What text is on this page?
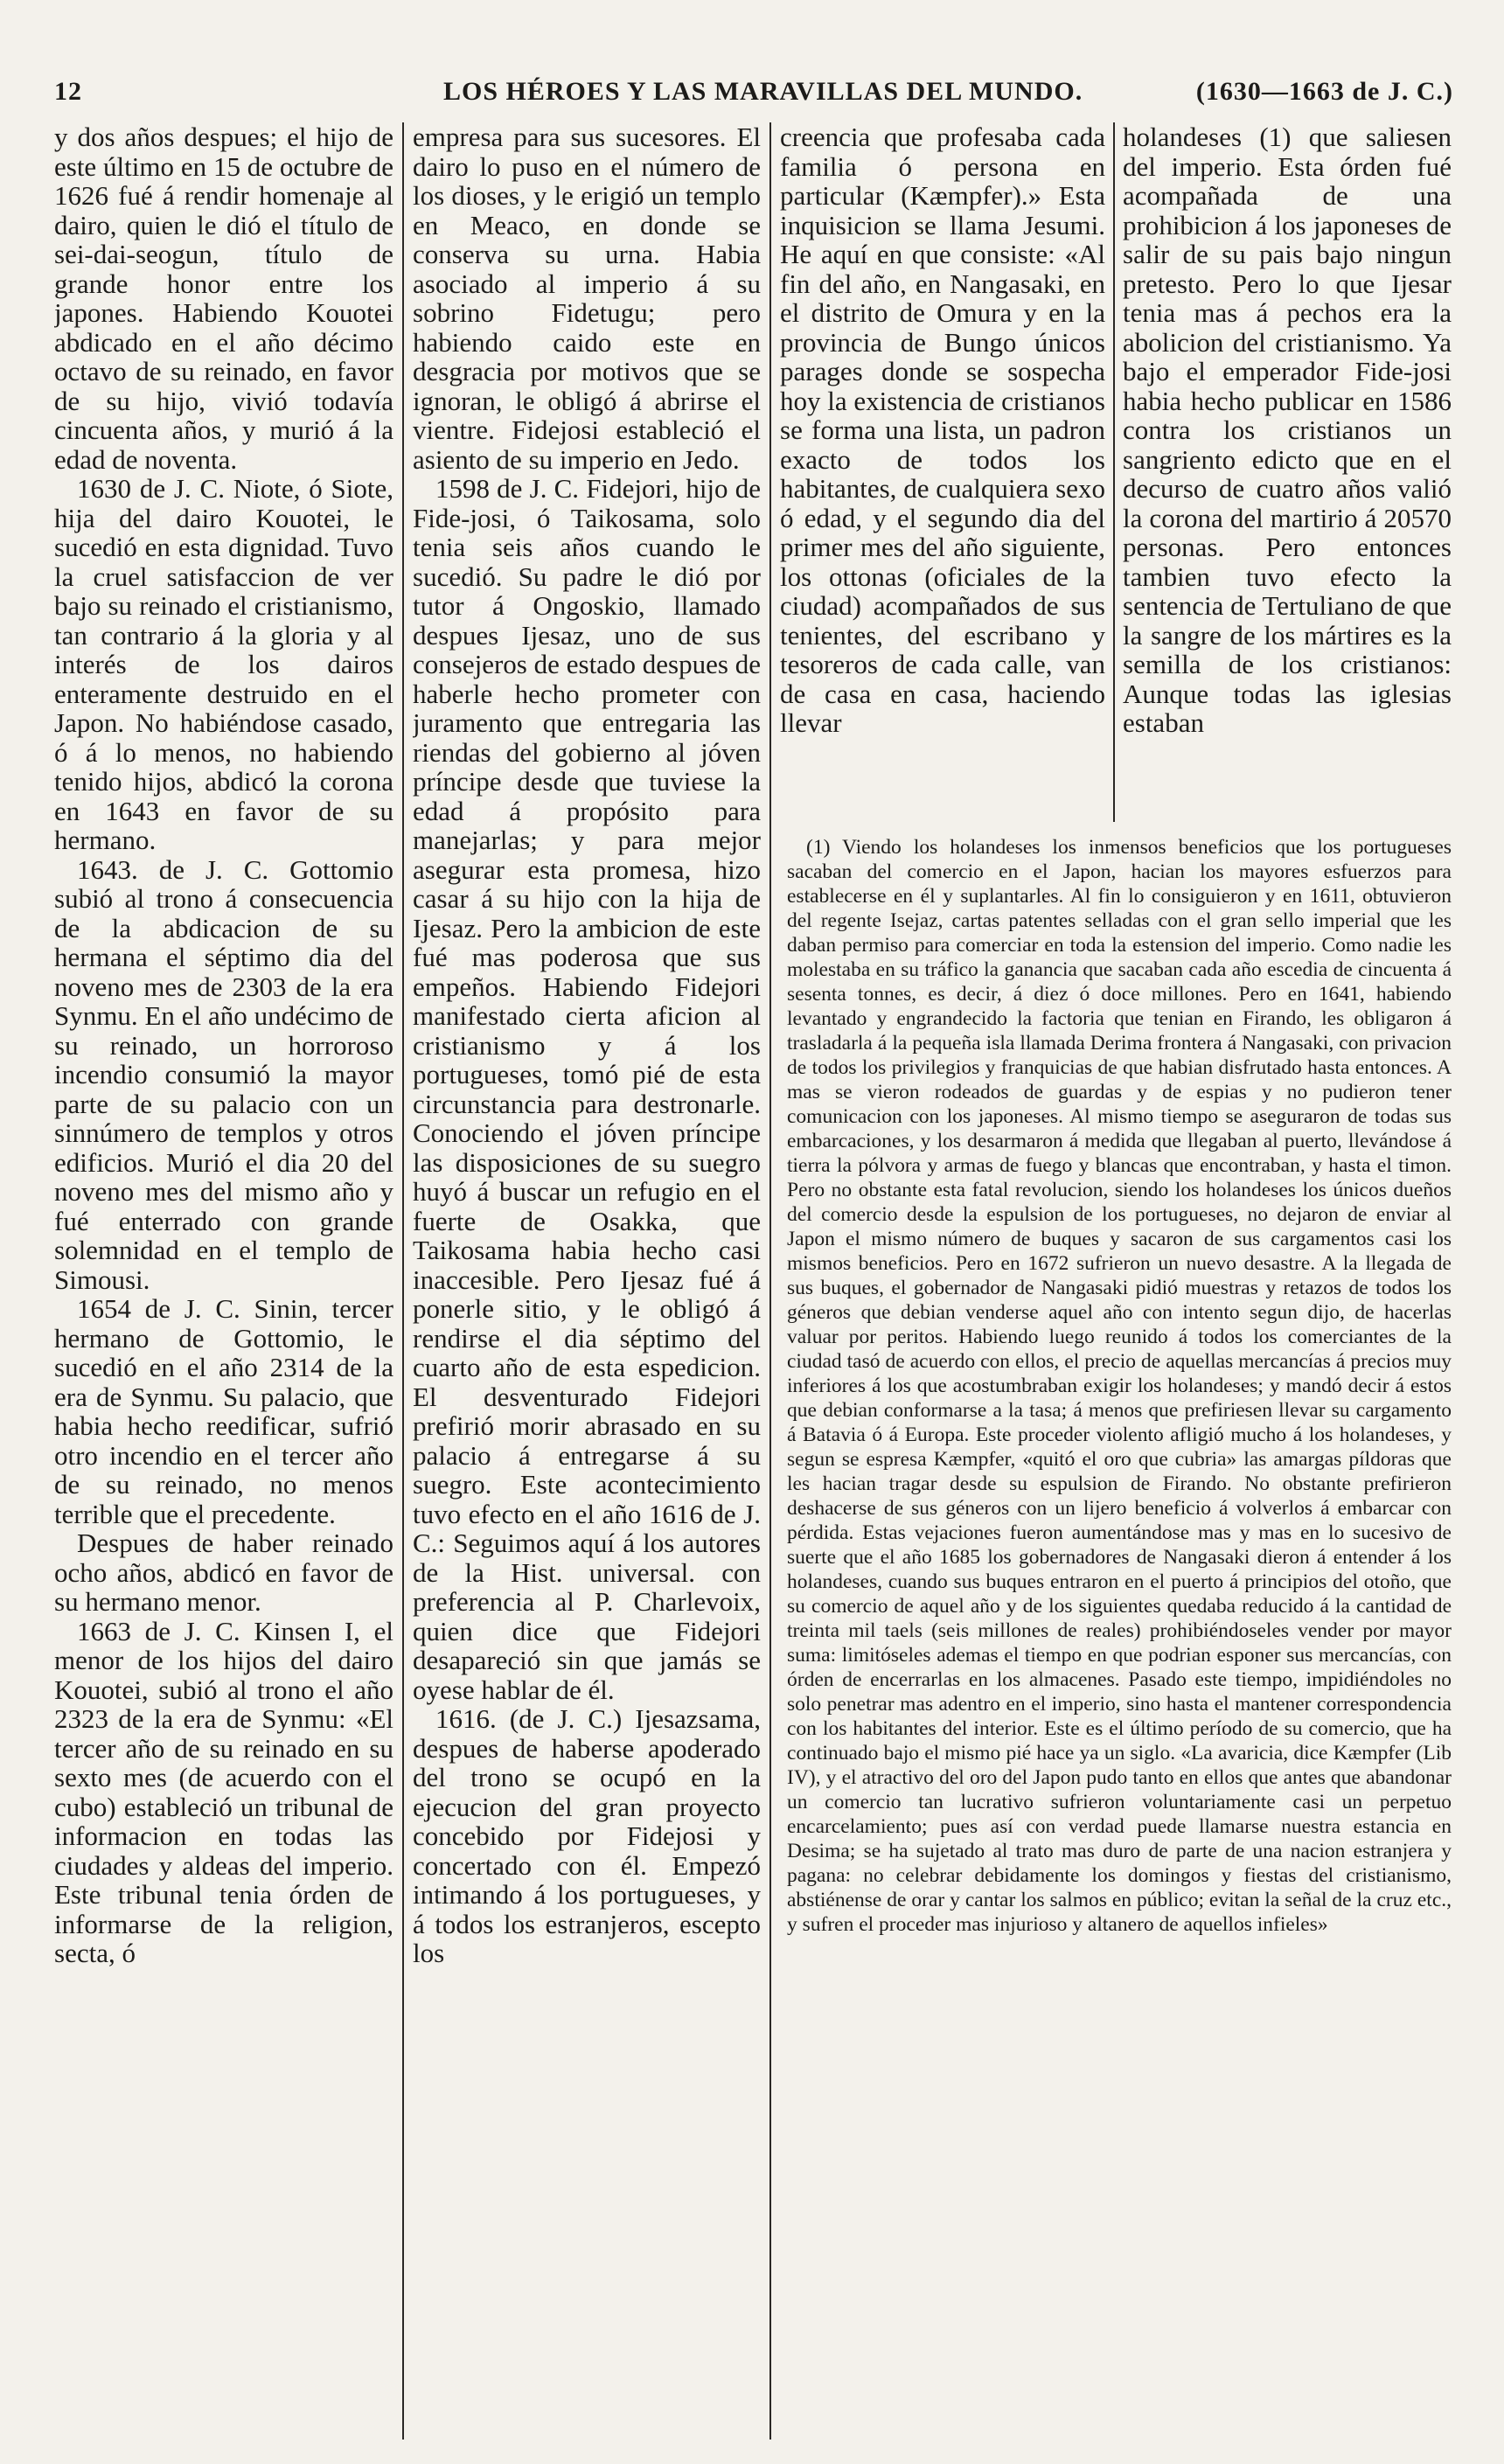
12	LOS HÉROES Y LAS MARAVILLAS DEL MUNDO.	(1630—1663 de J. C.)

y dos años despues; el hijo de este último en 15 de octubre de 1626 fué á rendir homenaje al dairo, quien le dió el título de sei-dai-seogun, título de grande honor entre los japones. Habiendo Kouotei abdicado en el año décimo octavo de su reinado, en favor de su hijo, vivió todavía cincuenta años, y murió á la edad de noventa.

1630 de J. C. Niote, ó Siote, hija del dairo Kouotei, le sucedió en esta dignidad. Tuvo la cruel satisfaccion de ver bajo su reinado el cristianismo, tan contrario á la gloria y al interés de los dairos enteramente destruido en el Japon. No habiéndose casado, ó á lo menos, no habiendo tenido hijos, abdicó la corona en 1643 en favor de su hermano.

1643. de J. C. Gottomio subió al trono á consecuencia de la abdicacion de su hermana el séptimo dia del noveno mes de 2303 de la era Synmu. En el año undécimo de su reinado, un horroroso incendio consumió la mayor parte de su palacio con un sinnúmero de templos y otros edificios. Murió el dia 20 del noveno mes del mismo año y fué enterrado con grande solemnidad en el templo de Simousi.

1654 de J. C. Sinin, tercer hermano de Gottomio, le sucedió en el año 2314 de la era de Synmu. Su palacio, que habia hecho reedificar, sufrió otro incendio en el tercer año de su reinado, no menos terrible que el precedente.

Despues de haber reinado ocho años, abdicó en favor de su hermano menor.

1663 de J. C. Kinsen I, el menor de los hijos del dairo Kouotei, subió al trono el año 2323 de la era de Synmu: «El tercer año de su reinado en su sexto mes (de acuerdo con el cubo) estableció un tribunal de informacion en todas las ciudades y aldeas del imperio. Este tribunal tenia órden de informarse de la religion, secta, ó

empresa para sus sucesores. El dairo lo puso en el número de los dioses, y le erigió un templo en Meaco, en donde se conserva su urna. Habia asociado al imperio á su sobrino Fidetugu; pero habiendo caido este en desgracia por motivos que se ignoran, le obligó á abrirse el vientre. Fidejosi estableció el asiento de su imperio en Jedo.

1598 de J. C. Fidejori, hijo de Fide-josi, ó Taikosama, solo tenia seis años cuando le sucedió. Su padre le dió por tutor á Ongoskio, llamado despues Ijesaz, uno de sus consejeros de estado despues de haberle hecho prometer con juramento que entregaria las riendas del gobierno al jóven príncipe desde que tuviese la edad á propósito para manejarlas; y para mejor asegurar esta promesa, hizo casar á su hijo con la hija de Ijesaz. Pero la ambicion de este fué mas poderosa que sus empeños. Habiendo Fidejori manifestado cierta aficion al cristianismo y á los portugueses, tomó pié de esta circunstancia para destronarle. Conociendo el jóven príncipe las disposiciones de su suegro huyó á buscar un refugio en el fuerte de Osakka, que Taikosama habia hecho casi inaccesible. Pero Ijesaz fué á ponerle sitio, y le obligó á rendirse el dia séptimo del cuarto año de esta espedicion. El desventurado Fidejori prefirió morir abrasado en su palacio á entregarse á su suegro. Este acontecimiento tuvo efecto en el año 1616 de J. C.: Seguimos aquí á los autores de la Hist. universal. con preferencia al P. Charlevoix, quien dice que Fidejori desapareció sin que jamás se oyese hablar de él.

1616. (de J. C.) Ijesazsama, despues de haberse apoderado del trono se ocupó en la ejecucion del gran proyecto concebido por Fidejosi y concertado con él. Empezó intimando á los portugueses, y á todos los estranjeros, escepto los

creencia que profesaba cada familia ó persona en particular (Kæmpfer).» Esta inquisicion se llama Jesumi. He aquí en que consiste: «Al fin del año, en Nangasaki, en el distrito de Omura y en la provincia de Bungo únicos parages donde se sospecha hoy la existencia de cristianos se forma una lista, un padron exacto de todos los habitantes, de cualquiera sexo ó edad, y el segundo dia del primer mes del año siguiente, los ottonas (oficiales de la ciudad) acompañados de sus tenientes, del escribano y tesoreros de cada calle, van de casa en casa, haciendo llevar

holandeses (1) que saliesen del imperio. Esta órden fué acompañada de una prohibicion á los japoneses de salir de su pais bajo ningun pretesto. Pero lo que Ijesar tenia mas á pechos era la abolicion del cristianismo. Ya bajo el emperador Fide-josi habia hecho publicar en 1586 contra los cristianos un sangriento edicto que en el decurso de cuatro años valió la corona del martirio á 20570 personas. Pero entonces tambien tuvo efecto la sentencia de Tertuliano de que la sangre de los mártires es la semilla de los cristianos: Aunque todas las iglesias estaban

(1) Viendo los holandeses los inmensos beneficios que los portugueses sacaban del comercio en el Japon, hacian los mayores esfuerzos para establecerse en él y suplantarles. Al fin lo consiguieron y en 1611, obtuvieron del regente Isejaz, cartas patentes selladas con el gran sello imperial que les daban permiso para comerciar en toda la estension del imperio. Como nadie les molestaba en su tráfico la ganancia que sacaban cada año escedia de cincuenta á sesenta tonnes, es decir, á diez ó doce millones. Pero en 1641, habiendo levantado y engrandecido la factoria que tenian en Firando, les obligaron á trasladarla á la pequeña isla llamada Derima frontera á Nangasaki, con privacion de todos los privilegios y franquicias de que habian disfrutado hasta entonces. A mas se vieron rodeados de guardas y de espias y no pudieron tener comunicacion con los japoneses. Al mismo tiempo se aseguraron de todas sus embarcaciones, y los desarmaron á medida que llegaban al puerto, llevándose á tierra la pólvora y armas de fuego y blancas que encontraban, y hasta el timon. Pero no obstante esta fatal revolucion, siendo los holandeses los únicos dueños del comercio desde la espulsion de los portugueses, no dejaron de enviar al Japon el mismo número de buques y sacaron de sus cargamentos casi los mismos beneficios. Pero en 1672 sufrieron un nuevo desastre. A la llegada de sus buques, el gobernador de Nangasaki pidió muestras y retazos de todos los géneros que debian venderse aquel año con intento segun dijo, de hacerlas valuar por peritos. Habiendo luego reunido á todos los comerciantes de la ciudad tasó de acuerdo con ellos, el precio de aquellas mercancías á precios muy inferiores á los que acostumbraban exigir los holandeses; y mandó decir á estos que debian conformarse a la tasa; á menos que prefiriesen llevar su cargamento á Batavia ó á Europa. Este proceder violento afligió mucho á los holandeses, y segun se espresa Kæmpfer, «quitó el oro que cubria» las amargas píldoras que les hacian tragar desde su espulsion de Firando. No obstante prefirieron deshacerse de sus géneros con un lijero beneficio á volverlos á embarcar con pérdida. Estas vejaciones fueron aumentándose mas y mas en lo sucesivo de suerte que el año 1685 los gobernadores de Nangasaki dieron á entender á los holandeses, cuando sus buques entraron en el puerto á principios del otoño, que su comercio de aquel año y de los siguientes quedaba reducido á la cantidad de treinta mil taels (seis millones de reales) prohibiéndoseles vender por mayor suma: limitóseles ademas el tiempo en que podrian esponer sus mercancías, con órden de encerrarlas en los almacenes. Pasado este tiempo, impidiéndoles no solo penetrar mas adentro en el imperio, sino hasta el mantener correspondencia con los habitantes del interior. Este es el último período de su comercio, que ha continuado bajo el mismo pié hace ya un siglo. «La avaricia, dice Kæmpfer (Lib IV), y el atractivo del oro del Japon pudo tanto en ellos que antes que abandonar un comercio tan lucrativo sufrieron voluntariamente casi un perpetuo encarcelamiento; pues así con verdad puede llamarse nuestra estancia en Desima; se ha sujetado al trato mas duro de parte de una nacion estranjera y pagana: no celebrar debidamente los domingos y fiestas del cristianismo, abstiénense de orar y cantar los salmos en público; evitan la señal de la cruz etc., y sufren el proceder mas injurioso y altanero de aquellos infieles»
